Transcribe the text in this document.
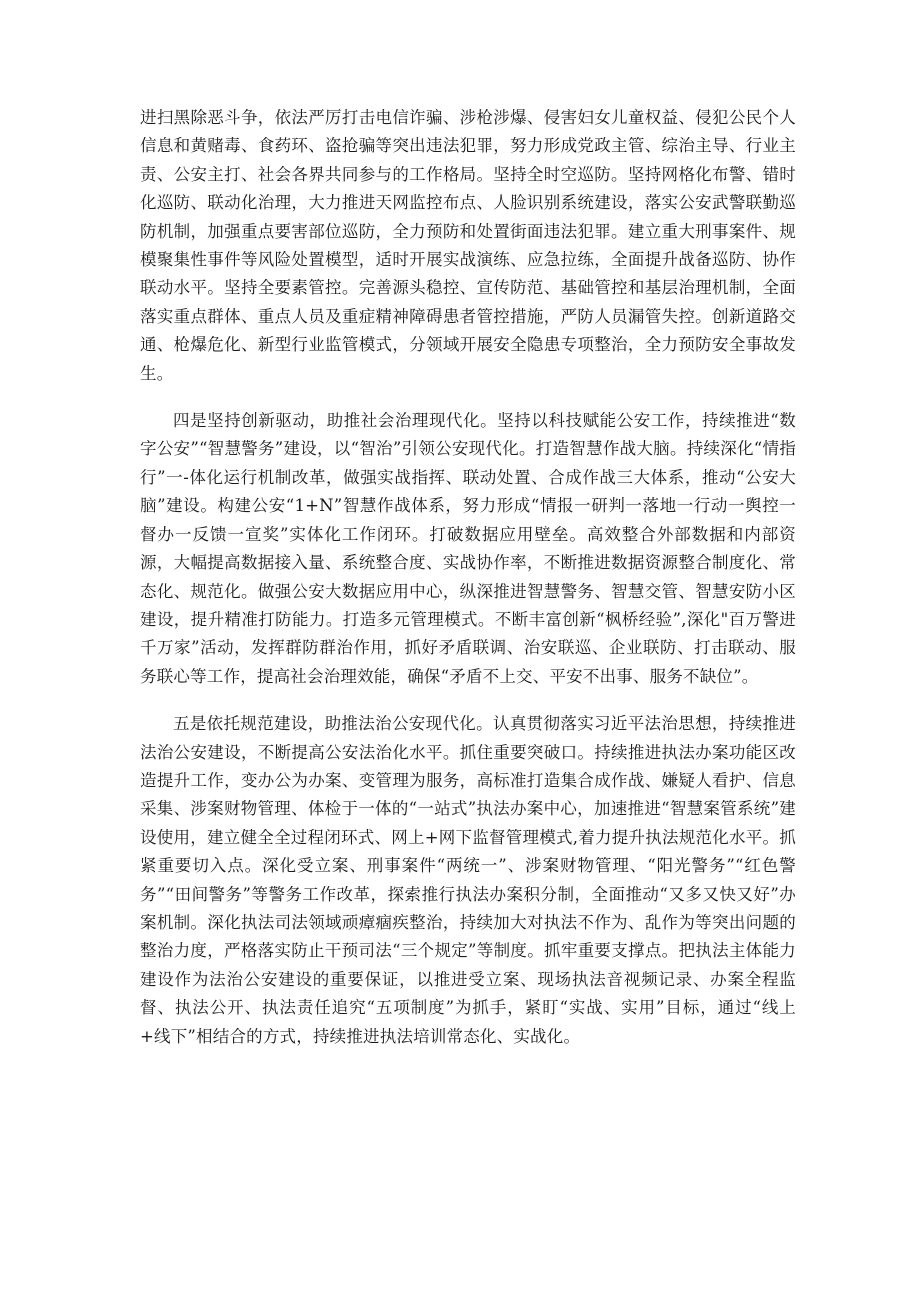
进扫黑除恶斗争，依法严厉打击电信诈骗、涉枪涉爆、侵害妇女儿童权益、侵犯公民个人信息和黄赌毒、食药环、盗抢骗等突出违法犯罪，努力形成党政主管、综治主导、行业主责、公安主打、社会各界共同参与的工作格局。坚持全时空巡防。坚持网格化布警、错时化巡防、联动化治理，大力推进天网监控布点、人脸识别系统建设，落实公安武警联勤巡防机制，加强重点要害部位巡防，全力预防和处置街面违法犯罪。建立重大刑事案件、规模聚集性事件等风险处置模型，适时开展实战演练、应急拉练，全面提升战备巡防、协作联动水平。坚持全要素管控。完善源头稳控、宣传防范、基础管控和基层治理机制，全面落实重点群体、重点人员及重症精神障碍患者管控措施，严防人员漏管失控。创新道路交通、枪爆危化、新型行业监管模式，分领域开展安全隐患专项整治，全力预防安全事故发生。

四是坚持创新驱动，助推社会治理现代化。坚持以科技赋能公安工作，持续推进“数字公安”“智慧警务”建设，以“智治”引领公安现代化。打造智慧作战大脑。持续深化“情指行”一-体化运行机制改革，做强实战指挥、联动处置、合成作战三大体系，推动“公安大脑”建设。构建公安“1+N”智慧作战体系，努力形成“情报一研判一落地一行动一舆控一督办一反馈一宣奖”实体化工作闭环。打破数据应用壁垒。高效整合外部数据和内部资源，大幅提高数据接入量、系统整合度、实战协作率，不断推进数据资源整合制度化、常态化、规范化。做强公安大数据应用中心，纵深推进智慧警务、智慧交管、智慧安防小区建设，提升精准打防能力。打造多元管理模式。不断丰富创新“枫桥经验”,深化"百万警进千万家”活动，发挥群防群治作用，抓好矛盾联调、治安联巡、企业联防、打击联动、服务联心等工作，提高社会治理效能，确保“矛盾不上交、平安不出事、服务不缺位”。

五是依托规范建设，助推法治公安现代化。认真贯彻落实习近平法治思想，持续推进法治公安建设，不断提高公安法治化水平。抓住重要突破口。持续推进执法办案功能区改造提升工作，变办公为办案、变管理为服务，高标准打造集合成作战、嫌疑人看护、信息采集、涉案财物管理、体检于一体的“一站式”执法办案中心，加速推进“智慧案管系统”建设使用，建立健全全过程闭环式、网上+网下监督管理模式,着力提升执法规范化水平。抓紧重要切入点。深化受立案、刑事案件“两统一”、涉案财物管理、“阳光警务”“红色警务”“田间警务”等警务工作改革，探索推行执法办案积分制，全面推动“又多又快又好”办案机制。深化执法司法领域顽瘴痼疾整治，持续加大对执法不作为、乱作为等突出问题的整治力度，严格落实防止干预司法“三个规定”等制度。抓牢重要支撑点。把执法主体能力建设作为法治公安建设的重要保证，以推进受立案、现场执法音视频记录、办案全程监督、执法公开、执法责任追究“五项制度”为抓手，紧盯“实战、实用”目标，通过“线上+线下”相结合的方式，持续推进执法培训常态化、实战化。
